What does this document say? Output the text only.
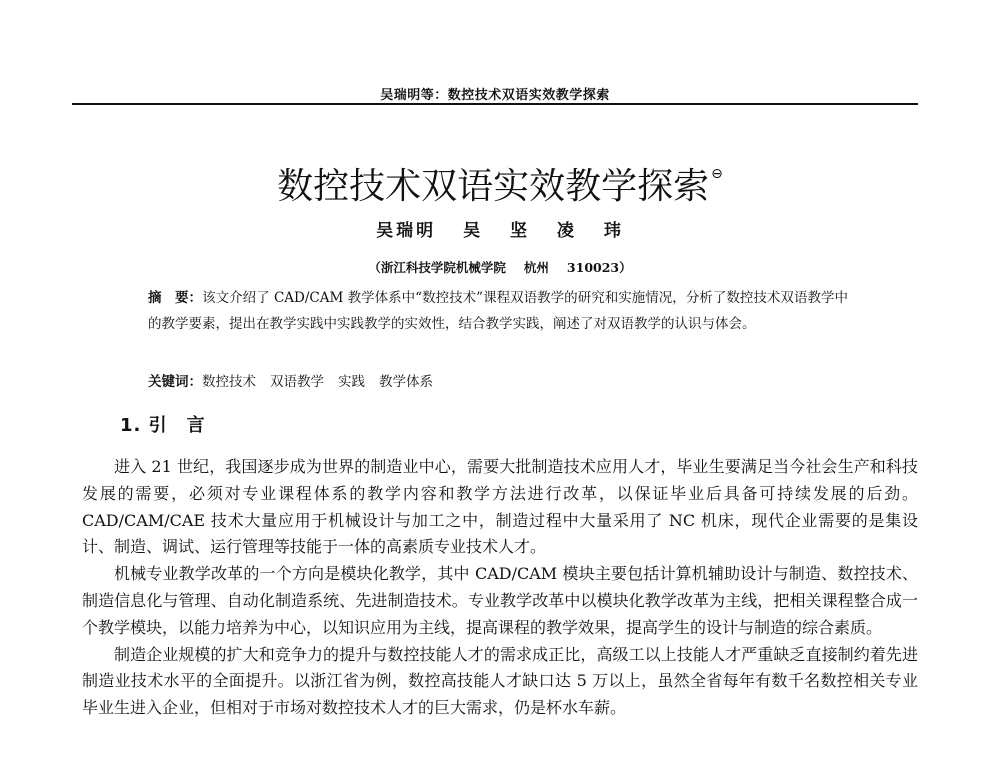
吴瑞明等：数控技术双语实效教学探索
数控技术双语实效教学探索 ⊖
吴瑞明 吴 坚 凌 玮
（浙江科技学院机械学院 杭州 310023）
摘　要：该文介绍了 CAD/CAM 教学体系中“数控技术”课程双语教学的研究和实施情况，分析了数控技术双语教学中的教学要素，提出在教学实践中实践教学的实效性，结合教学实践，阐述了对双语教学的认识与体会。
关键词：数控技术 双语教学 实践 教学体系
1. 引　言

进入 21 世纪，我国逐步成为世界的制造业中心，需要大批制造技术应用人才，毕业生要满足当今社会生产和科技发展的需要，必须对专业课程体系的教学内容和教学方法进行改革，以保证毕业后具备可持续发展的后劲。CAD/CAM/CAE 技术大量应用于机械设计与加工之中，制造过程中大量采用了 NC 机床，现代企业需要的是集设计、制造、调试、运行管理等技能于一体的高素质专业技术人才。

机械专业教学改革的一个方向是模块化教学，其中 CAD/CAM 模块主要包括计算机辅助设计与制造、数控技术、制造信息化与管理、自动化制造系统、先进制造技术。专业教学改革中以模块化教学改革为主线，把相关课程整合成一个教学模块，以能力培养为中心，以知识应用为主线，提高课程的教学效果，提高学生的设计与制造的综合素质。

制造企业规模的扩大和竞争力的提升与数控技能人才的需求成正比，高级工以上技能人才严重缺乏直接制约着先进制造业技术水平的全面提升。以浙江省为例，数控高技能人才缺口达 5 万以上，虽然全省每年有数千名数控相关专业毕业生进入企业，但相对于市场对数控技术人才的巨大需求，仍是杯水车薪。
